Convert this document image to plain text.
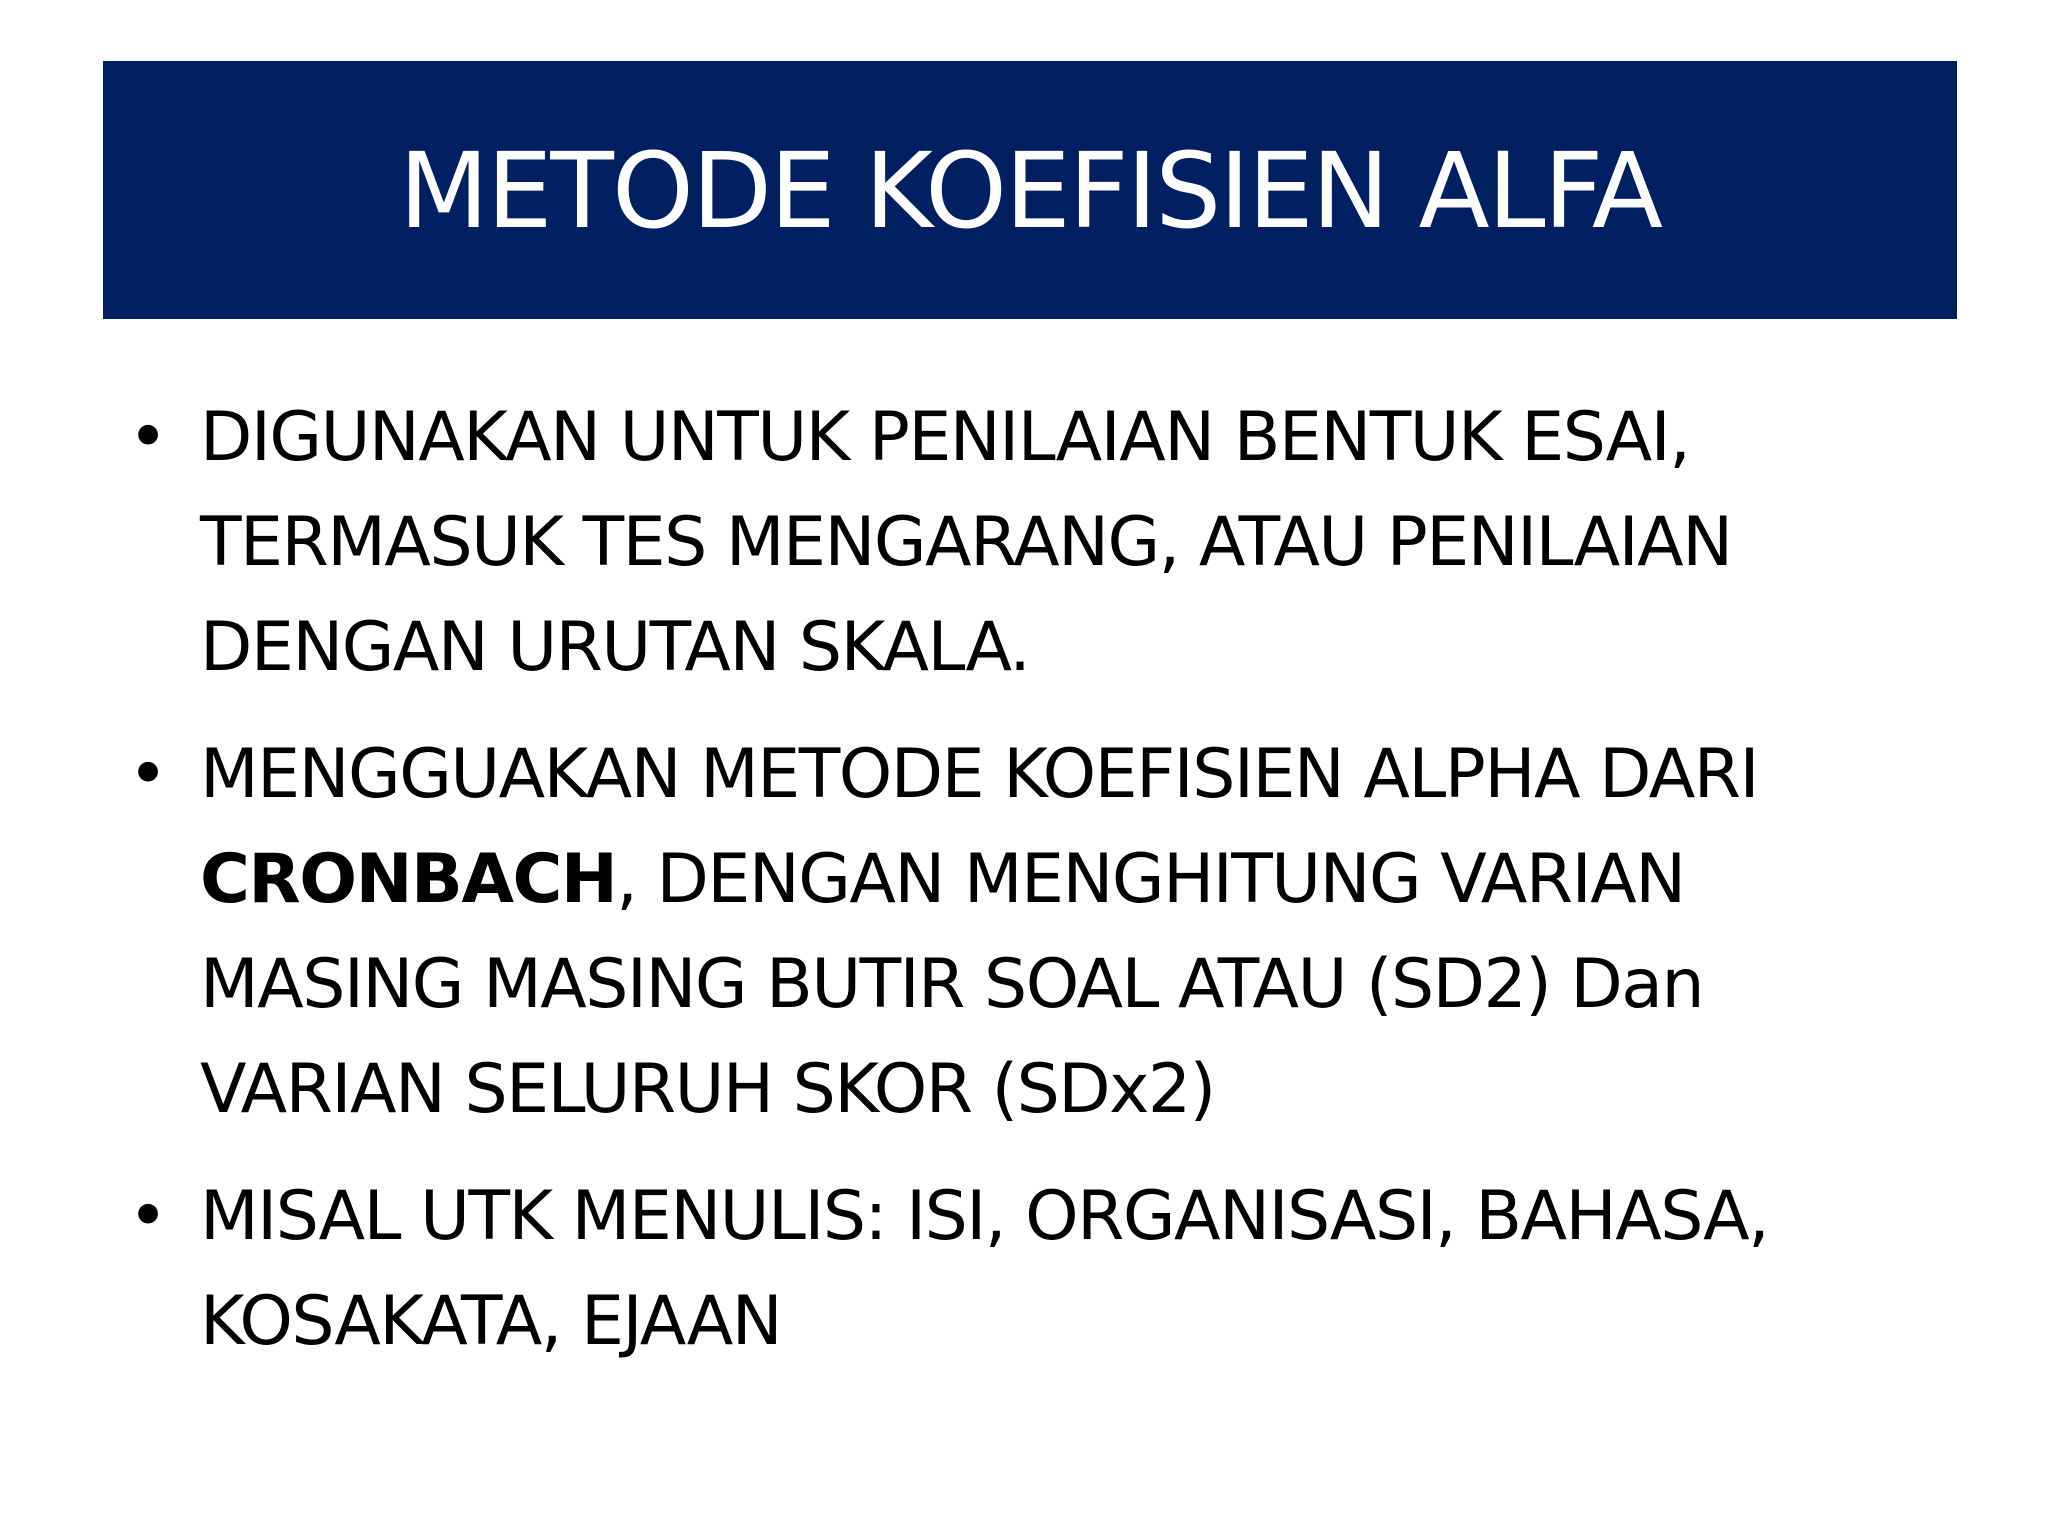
METODE KOEFISIEN ALFA
• DIGUNAKAN UNTUK PENILAIAN BENTUK ESAI,
TERMASUK TES MENGARANG, ATAU PENILAIAN
DENGAN URUTAN SKALA.
• MENGGUAKAN METODE KOEFISIEN ALPHA DARI
CRONBACH, DENGAN MENGHITUNG VARIAN
MASING MASING BUTIR SOAL ATAU (SD2) Dan
VARIAN SELURUH SKOR (SDx2)
• MISAL UTK MENULIS: ISI, ORGANISASI, BAHASA,
KOSAKATA, EJAAN
